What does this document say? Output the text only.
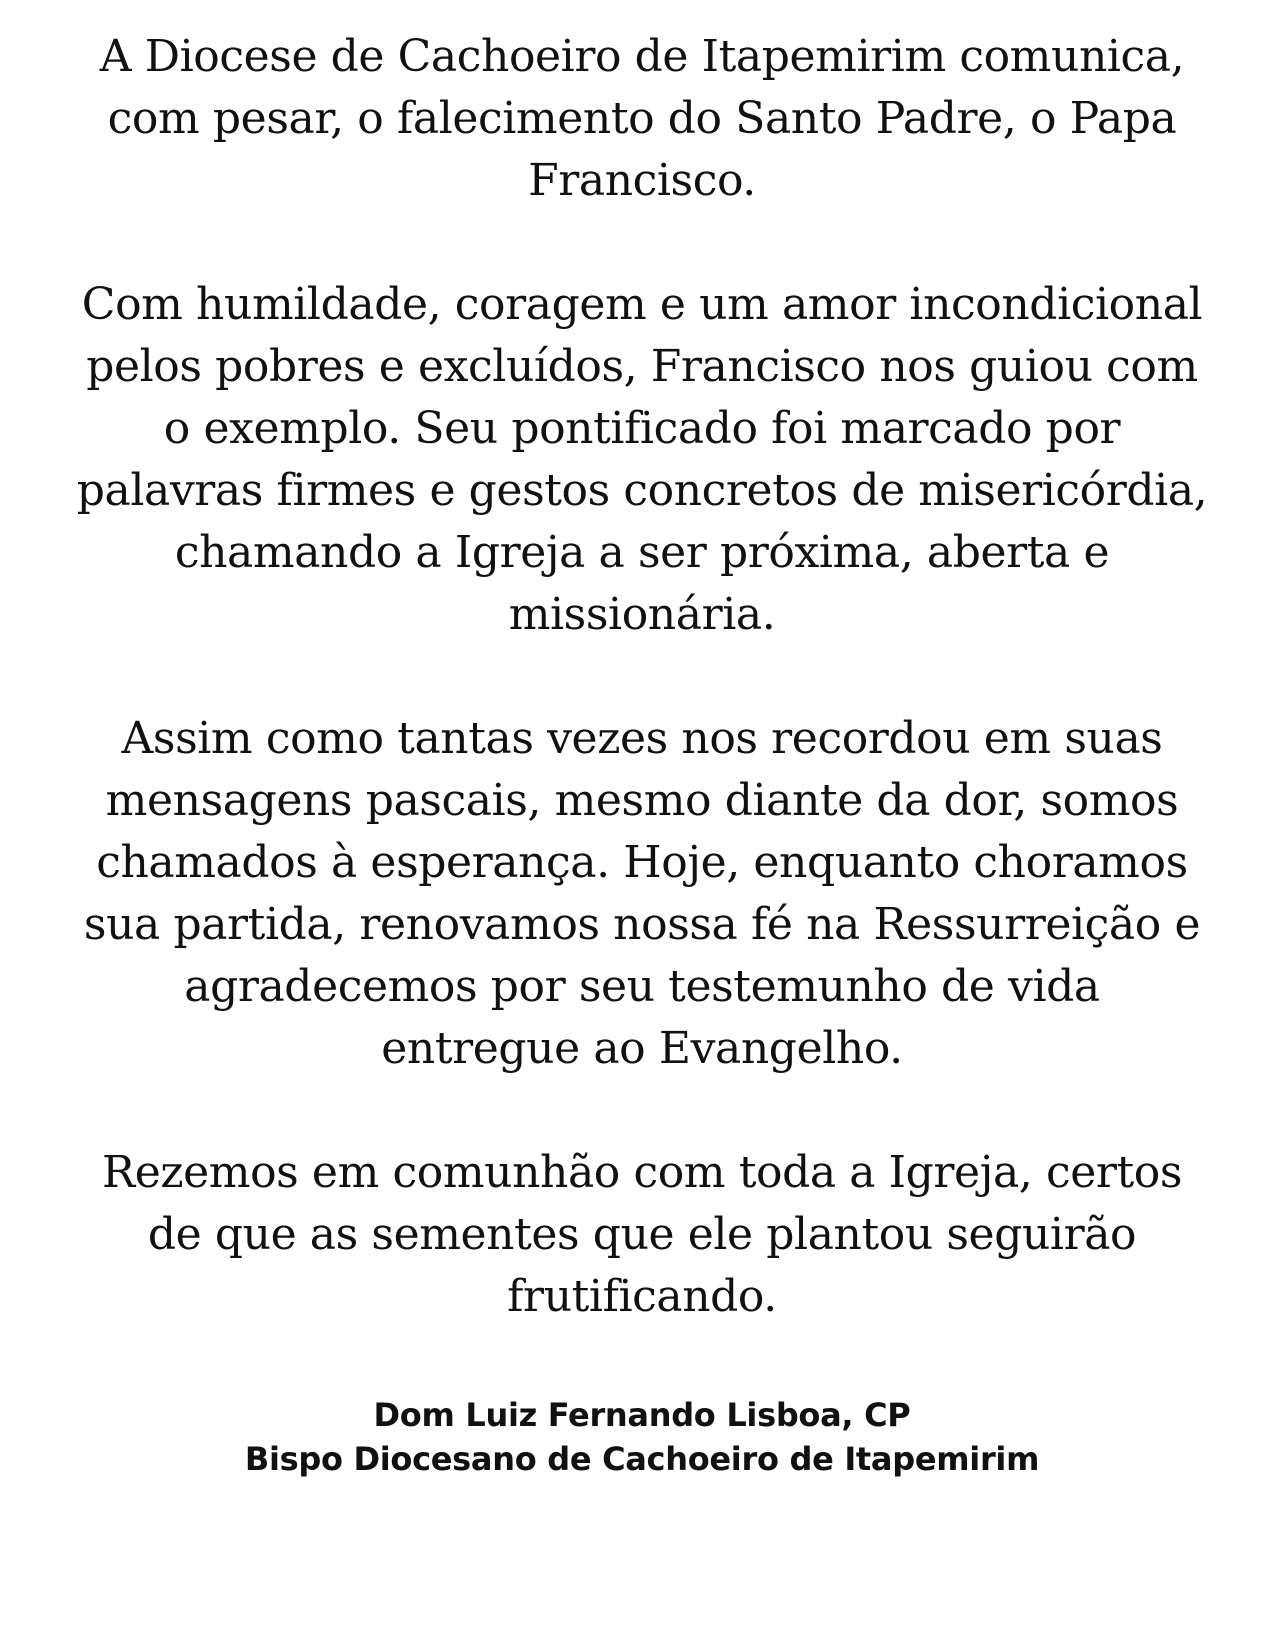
A Diocese de Cachoeiro de Itapemirim comunica,
com pesar, o falecimento do Santo Padre, o Papa
Francisco.

Com humildade, coragem e um amor incondicional
pelos pobres e excluídos, Francisco nos guiou com
o exemplo. Seu pontificado foi marcado por
palavras firmes e gestos concretos de misericórdia,
chamando a Igreja a ser próxima, aberta e
missionária.

Assim como tantas vezes nos recordou em suas
mensagens pascais, mesmo diante da dor, somos
chamados à esperança. Hoje, enquanto choramos
sua partida, renovamos nossa fé na Ressurreição e
agradecemos por seu testemunho de vida
entregue ao Evangelho.

Rezemos em comunhão com toda a Igreja, certos
de que as sementes que ele plantou seguirão
frutificando.

Dom Luiz Fernando Lisboa, CP
Bispo Diocesano de Cachoeiro de Itapemirim
